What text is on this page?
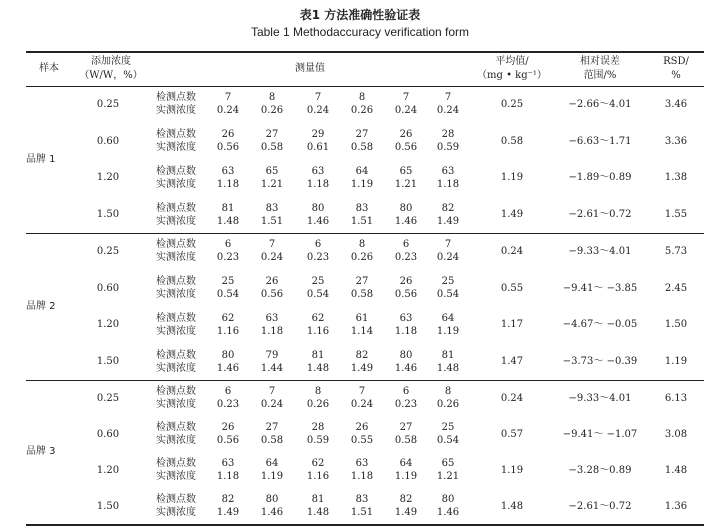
表1 方法准确性验证表
Table 1 Methodaccuracy verification form
样本
添加浓度
（W/W，%）
测量值
平均值/
（mg • kg⁻¹）
相对误差
范围/%
RSD/
%
品牌 1
0.25
检测点数
实测浓度
7	8	7	8	7	7
0.24	0.26	0.24	0.26	0.24	0.24
0.25	−2.66～4.01	3.46
0.60
检测点数
实测浓度
26	27	29	27	26	28
0.56	0.58	0.61	0.58	0.56	0.59
0.58	−6.63～1.71	3.36
1.20
检测点数
实测浓度
63	65	63	64	65	63
1.18	1.21	1.18	1.19	1.21	1.18
1.19	−1.89～0.89	1.38
1.50
检测点数
实测浓度
81	83	80	83	80	82
1.48	1.51	1.46	1.51	1.46	1.49
1.49	−2.61～0.72	1.55
品牌 2
0.25
检测点数
实测浓度
6	7	6	8	6	7
0.23	0.24	0.23	0.26	0.23	0.24
0.24	−9.33～4.01	5.73
0.60
检测点数
实测浓度
25	26	25	27	26	25
0.54	0.56	0.54	0.58	0.56	0.54
0.55	−9.41～ −3.85	2.45
1.20
检测点数
实测浓度
62	63	62	61	63	64
1.16	1.18	1.16	1.14	1.18	1.19
1.17	−4.67～ −0.05	1.50
1.50
检测点数
实测浓度
80	79	81	82	80	81
1.46	1.44	1.48	1.49	1.46	1.48
1.47	−3.73～ −0.39	1.19
品牌 3
0.25
检测点数
实测浓度
6	7	8	7	6	8
0.23	0.24	0.26	0.24	0.23	0.26
0.24	−9.33～4.01	6.13
0.60
检测点数
实测浓度
26	27	28	26	27	25
0.56	0.58	0.59	0.55	0.58	0.54
0.57	−9.41～ −1.07	3.08
1.20
检测点数
实测浓度
63	64	62	63	64	65
1.18	1.19	1.16	1.18	1.19	1.21
1.19	−3.28～0.89	1.48
1.50
检测点数
实测浓度
82	80	81	83	82	80
1.49	1.46	1.48	1.51	1.49	1.46
1.48	−2.61～0.72	1.36
